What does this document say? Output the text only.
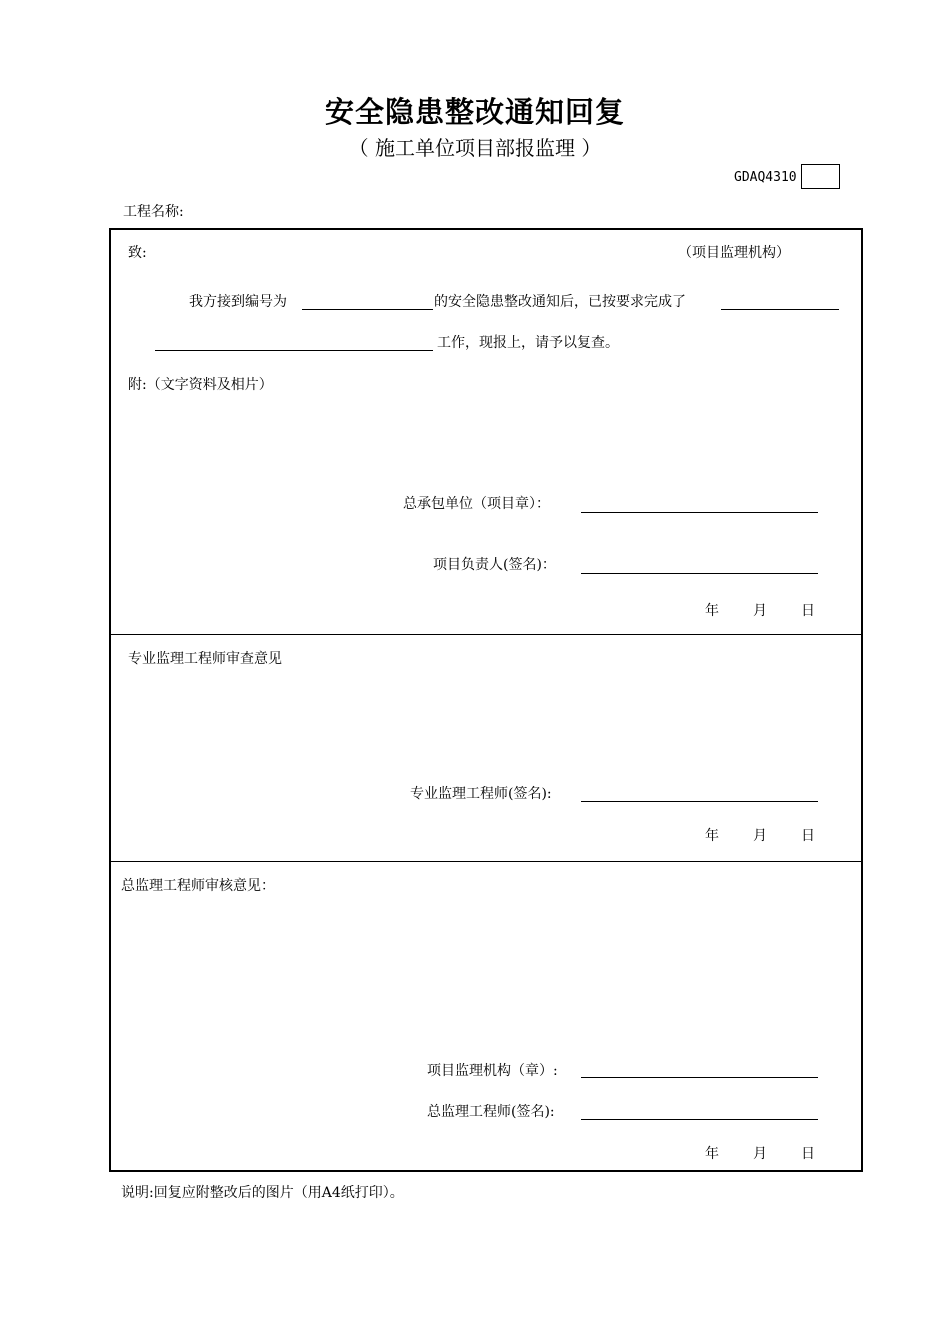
安全隐患整改通知回复
（ 施工单位项目部报监理 ）
GDAQ4310
工程名称:
致:	（项目监理机构）
我方接到编号为	的安全隐患整改通知后，已按要求完成了
工作，现报上，请予以复查。
附:（文字资料及相片）
总承包单位（项目章）：
项目负责人(签名)：
年 月 日
专业监理工程师审查意见
专业监理工程师(签名):
年 月 日
总监理工程师审核意见：
项目监理机构（章）:
总监理工程师(签名):
年 月 日
说明:回复应附整改后的图片（用A4纸打印）。
